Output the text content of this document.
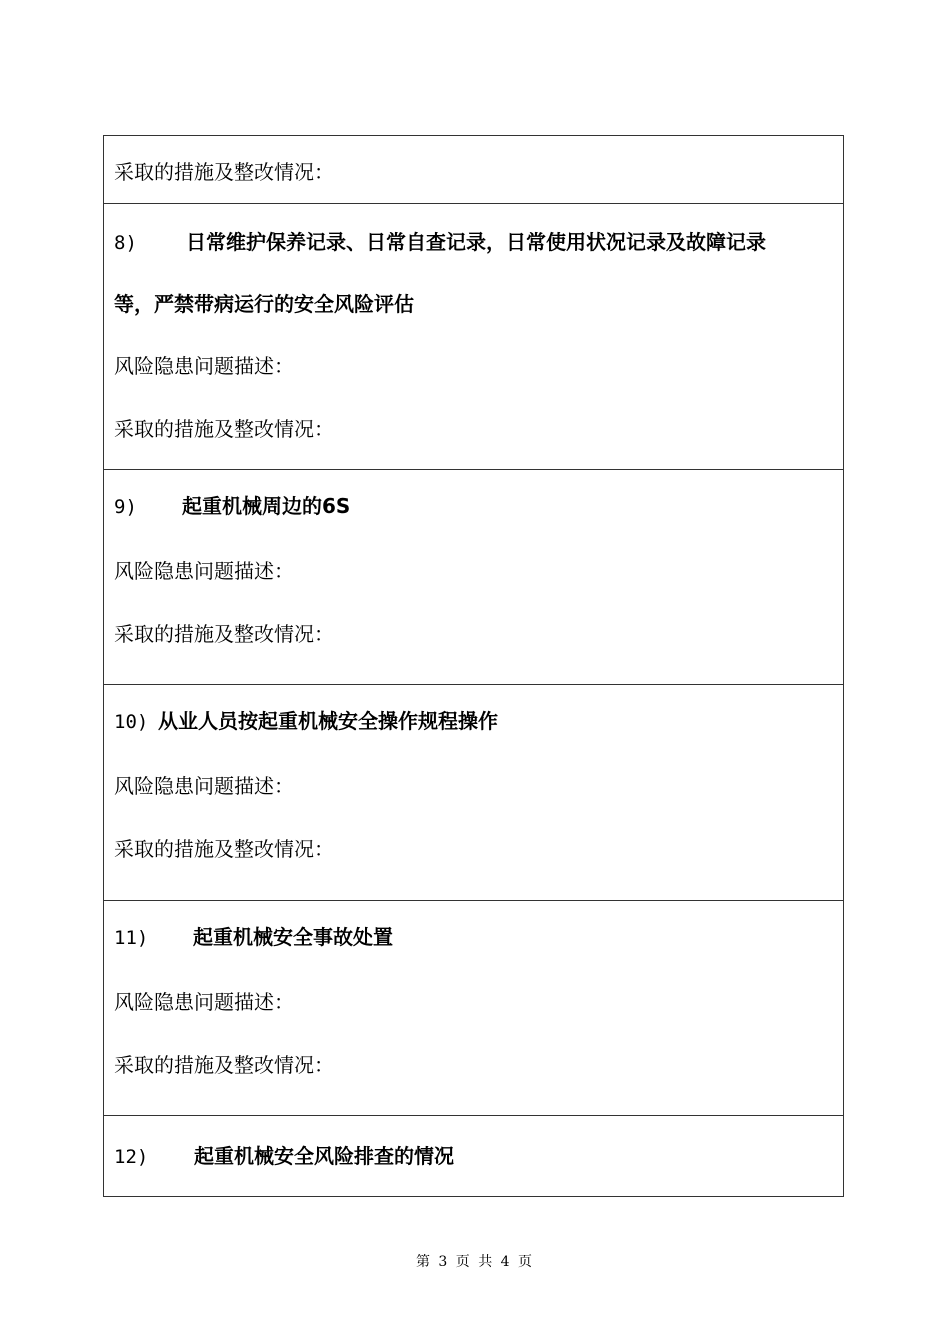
采取的措施及整改情况：

8) 日常维护保养记录、日常自查记录，日常使用状况记录及故障记录
等，严禁带病运行的安全风险评估
风险隐患问题描述：
采取的措施及整改情况：

9) 起重机械周边的6S
风险隐患问题描述：
采取的措施及整改情况：

10) 从业人员按起重机械安全操作规程操作
风险隐患问题描述：
采取的措施及整改情况：

11) 起重机械安全事故处置
风险隐患问题描述：
采取的措施及整改情况：

12) 起重机械安全风险排查的情况
第 3 页 共 4 页
